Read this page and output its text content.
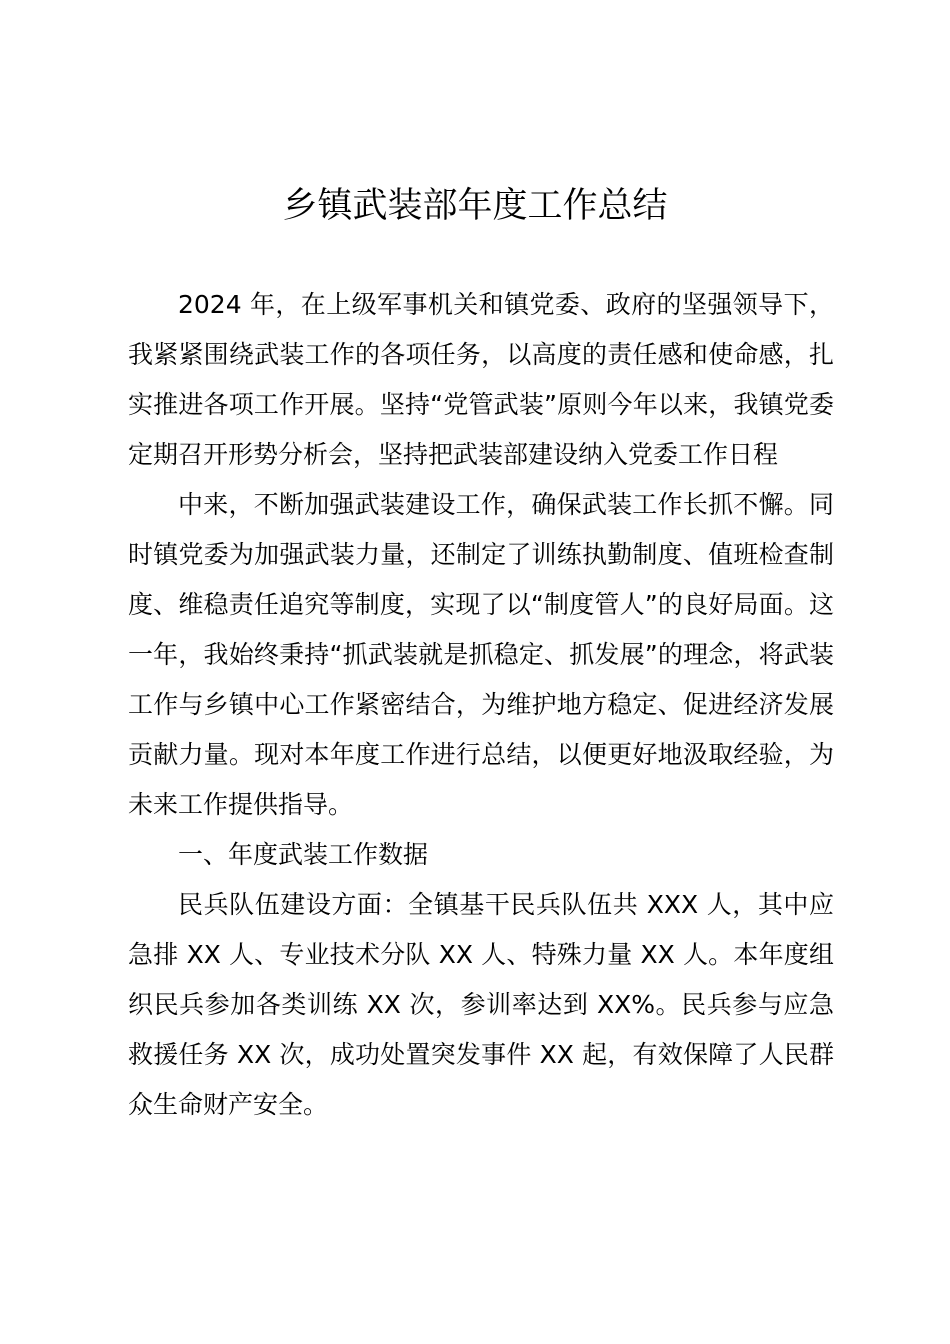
乡镇武装部年度工作总结

2024 年，在上级军事机关和镇党委、政府的坚强领导下，我紧紧围绕武装工作的各项任务，以高度的责任感和使命感，扎实推进各项工作开展。坚持“党管武装”原则今年以来，我镇党委定期召开形势分析会，坚持把武装部建设纳入党委工作日程

中来，不断加强武装建设工作，确保武装工作长抓不懈。同时镇党委为加强武装力量，还制定了训练执勤制度、值班检查制度、维稳责任追究等制度，实现了以“制度管人”的良好局面。这一年，我始终秉持“抓武装就是抓稳定、抓发展”的理念，将武装工作与乡镇中心工作紧密结合，为维护地方稳定、促进经济发展贡献力量。现对本年度工作进行总结，以便更好地汲取经验，为未来工作提供指导。

一、年度武装工作数据

民兵队伍建设方面：全镇基干民兵队伍共 XXX 人，其中应急排 XX 人、专业技术分队 XX 人、特殊力量 XX 人。本年度组织民兵参加各类训练 XX 次，参训率达到 XX%。民兵参与应急救援任务 XX 次，成功处置突发事件 XX 起，有效保障了人民群众生命财产安全。
